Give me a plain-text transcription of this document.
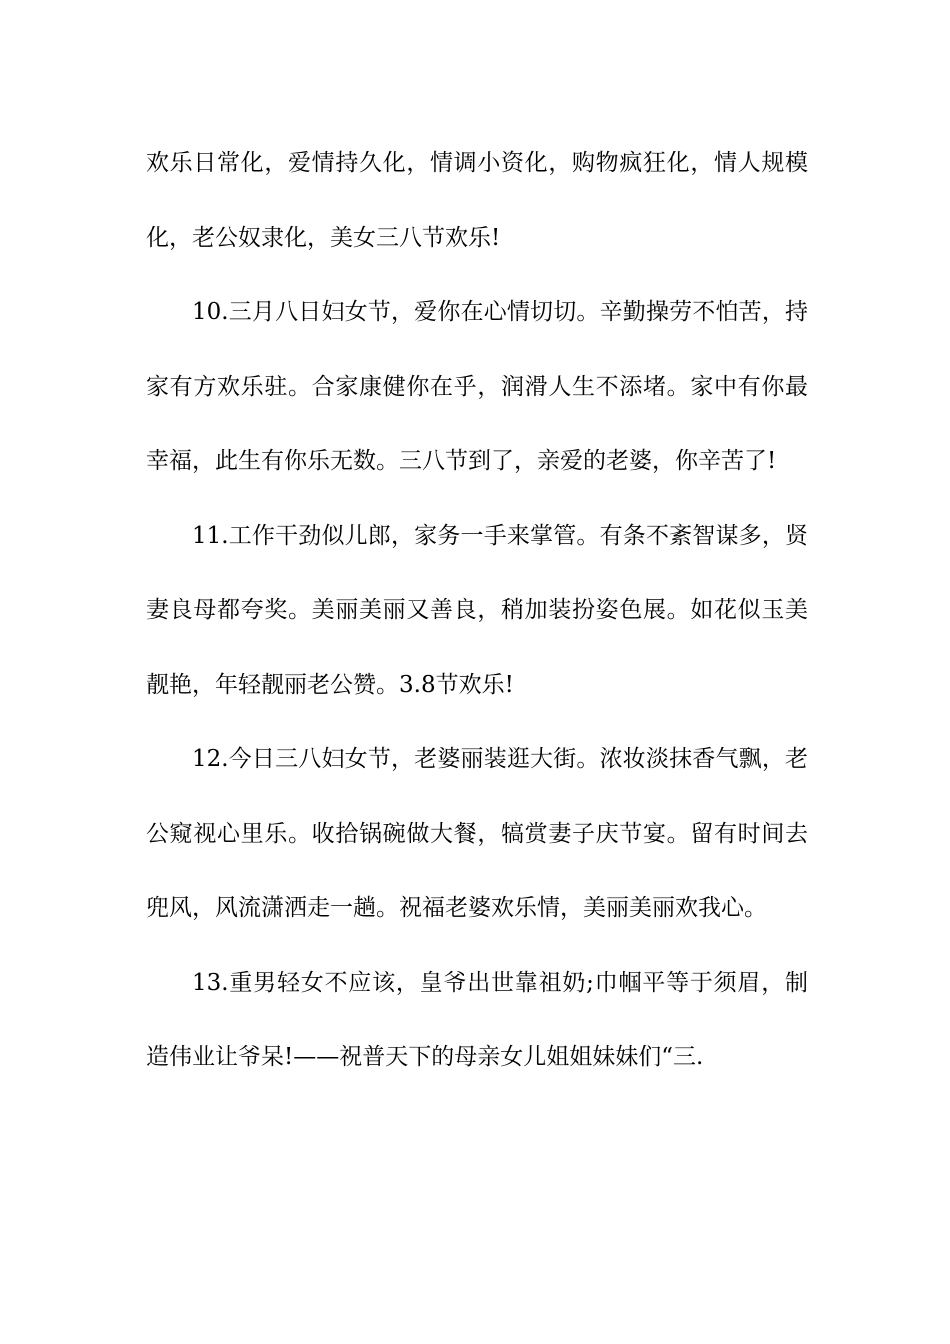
欢乐日常化，爱情持久化，情调小资化，购物疯狂化，情人规模化，老公奴隶化，美女三八节欢乐!

10.三月八日妇女节，爱你在心情切切。辛勤操劳不怕苦，持家有方欢乐驻。合家康健你在乎，润滑人生不添堵。家中有你最幸福，此生有你乐无数。三八节到了，亲爱的老婆，你辛苦了!

11.工作干劲似儿郎，家务一手来掌管。有条不紊智谋多，贤妻良母都夸奖。美丽美丽又善良，稍加装扮姿色展。如花似玉美靓艳，年轻靓丽老公赞。3.8节欢乐!

12.今日三八妇女节，老婆丽装逛大街。浓妆淡抹香气飘，老公窥视心里乐。收拾锅碗做大餐，犒赏妻子庆节宴。留有时间去兜风，风流潇洒走一趟。祝福老婆欢乐情，美丽美丽欢我心。

13.重男轻女不应该，皇爷出世靠祖奶;巾帼平等于须眉，制造伟业让爷呆!——祝普天下的母亲女儿姐姐妹妹们“三.
